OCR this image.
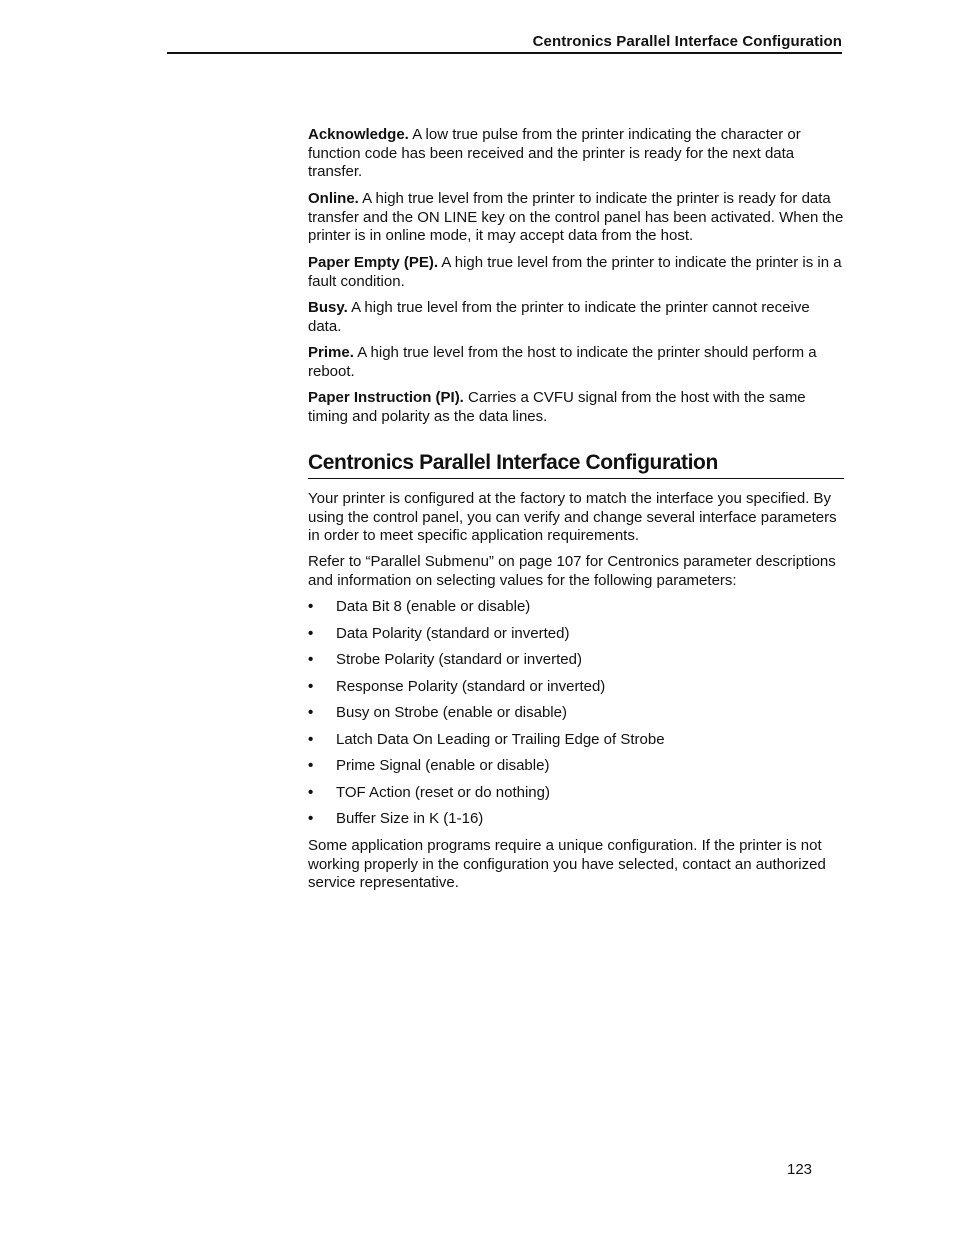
Centronics Parallel Interface Configuration

Acknowledge. A low true pulse from the printer indicating the character or function code has been received and the printer is ready for the next data transfer.

Online. A high true level from the printer to indicate the printer is ready for data transfer and the ON LINE key on the control panel has been activated. When the printer is in online mode, it may accept data from the host.

Paper Empty (PE). A high true level from the printer to indicate the printer is in a fault condition.

Busy. A high true level from the printer to indicate the printer cannot receive data.

Prime. A high true level from the host to indicate the printer should perform a reboot.

Paper Instruction (PI). Carries a CVFU signal from the host with the same timing and polarity as the data lines.

Centronics Parallel Interface Configuration

Your printer is configured at the factory to match the interface you specified. By using the control panel, you can verify and change several interface parameters in order to meet specific application requirements.

Refer to “Parallel Submenu” on page 107 for Centronics parameter descriptions and information on selecting values for the following parameters:

• Data Bit 8 (enable or disable)
• Data Polarity (standard or inverted)
• Strobe Polarity (standard or inverted)
• Response Polarity (standard or inverted)
• Busy on Strobe (enable or disable)
• Latch Data On Leading or Trailing Edge of Strobe
• Prime Signal (enable or disable)
• TOF Action (reset or do nothing)
• Buffer Size in K (1-16)

Some application programs require a unique configuration. If the printer is not working properly in the configuration you have selected, contact an authorized service representative.

123
